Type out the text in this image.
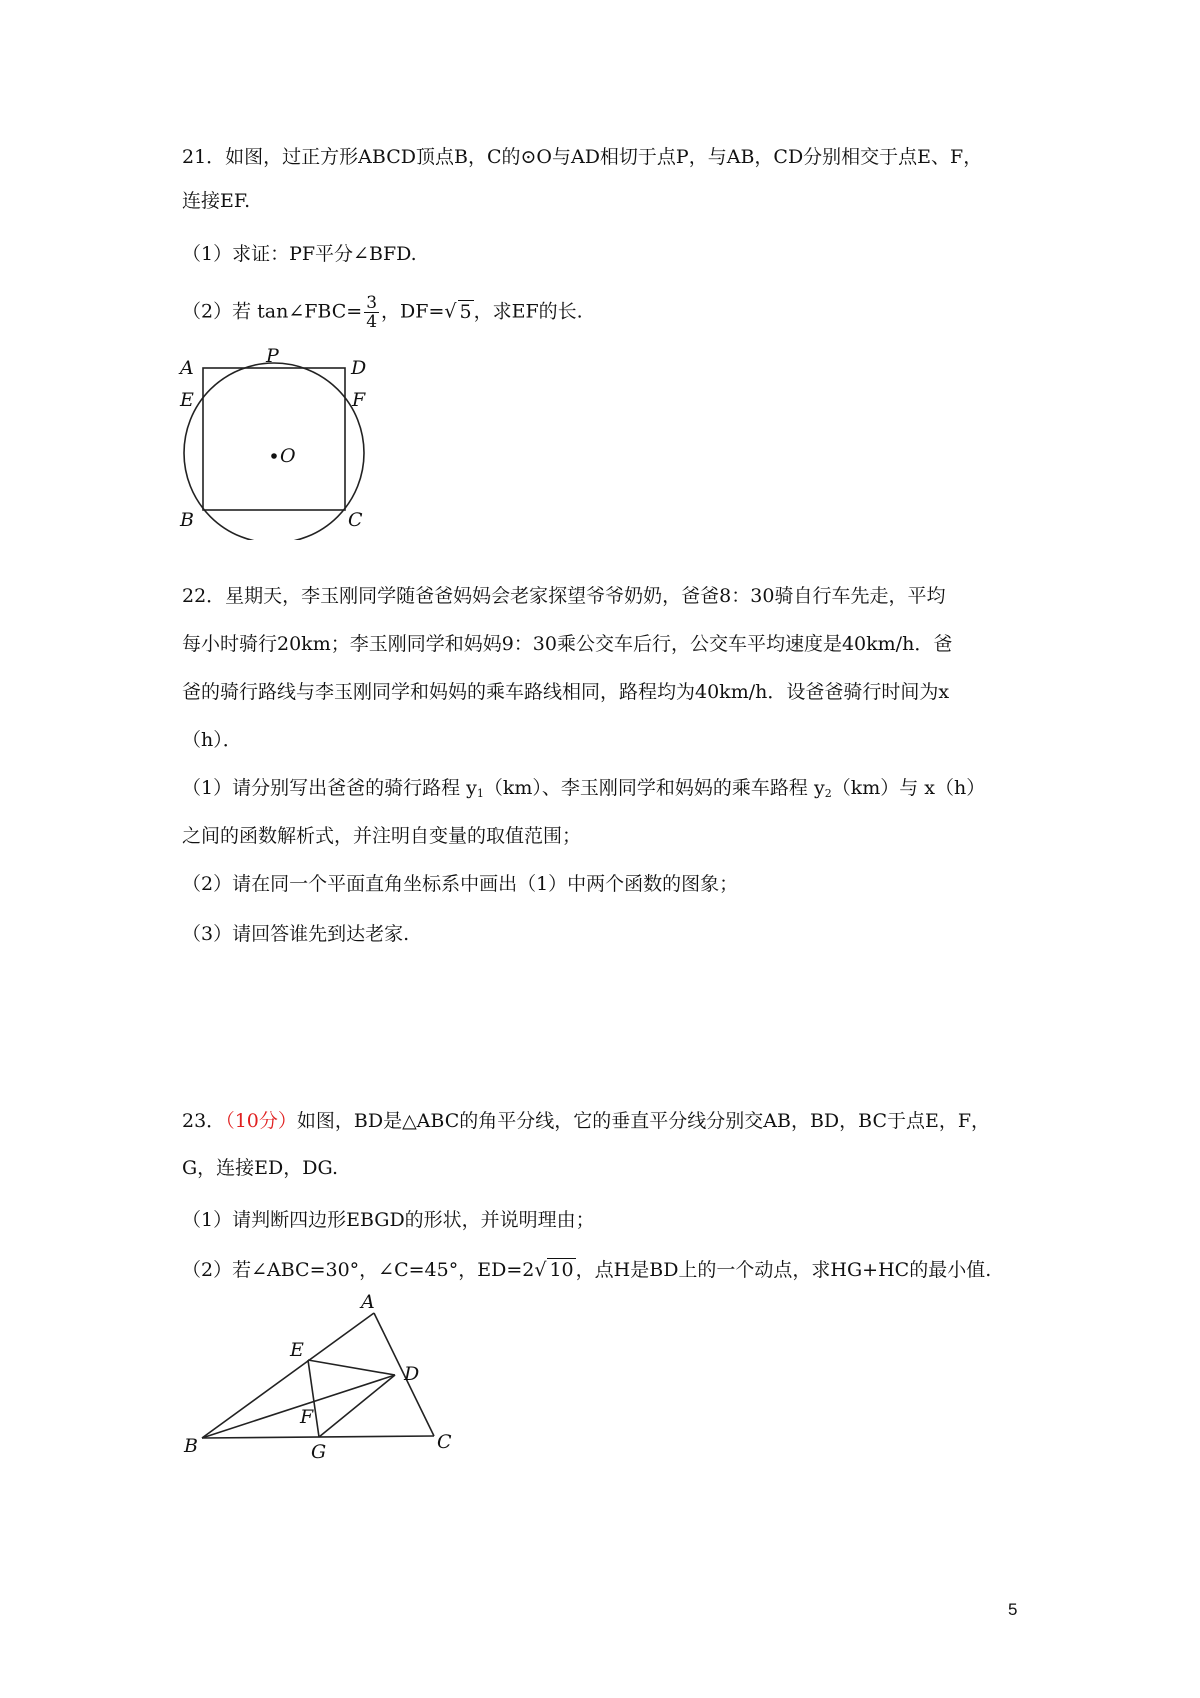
21．如图，过正方形ABCD顶点B，C的⊙O与AD相切于点P，与AB，CD分别相交于点E、F，
连接EF.
（1）求证：PF平分∠BFD.
（2）若 tan∠FBC= $\frac{3}{4}$ ，DF=√ 5 ，求EF的长.
A
P
D
E	F
O
B	C
22．星期天，李玉刚同学随爸爸妈妈会老家探望爷爷奶奶，爸爸8：30骑自行车先走，平均
每小时骑行20km；李玉刚同学和妈妈9：30乘公交车后行，公交车平均速度是40km/h．爸
爸的骑行路线与李玉刚同学和妈妈的乘车路线相同，路程均为40km/h．设爸爸骑行时间为x
（h）．
（1）请分别写出爸爸的骑行路程 $y_1(km)$、李玉刚同学和妈妈的乘车路程 $y_2(km)$与 x（h）
之间的函数解析式，并注明自变量的取值范围；
（2）请在同一个平面直角坐标系中画出（1）中两个函数的图象；
（3）请回答谁先到达老家.
23．（10分）如图，BD是△ABC的角平分线，它的垂直平分线分别交AB，BD，BC于点E，F，
G，连接ED，DG.
（1）请判断四边形EBGD的形状，并说明理由；
（2）若∠ABC=30°，∠C=45°，ED=2√ 10 ，点H是BD上的一个动点，求HG+HC的最小值.
A
E
D
F
B	G	C
5
